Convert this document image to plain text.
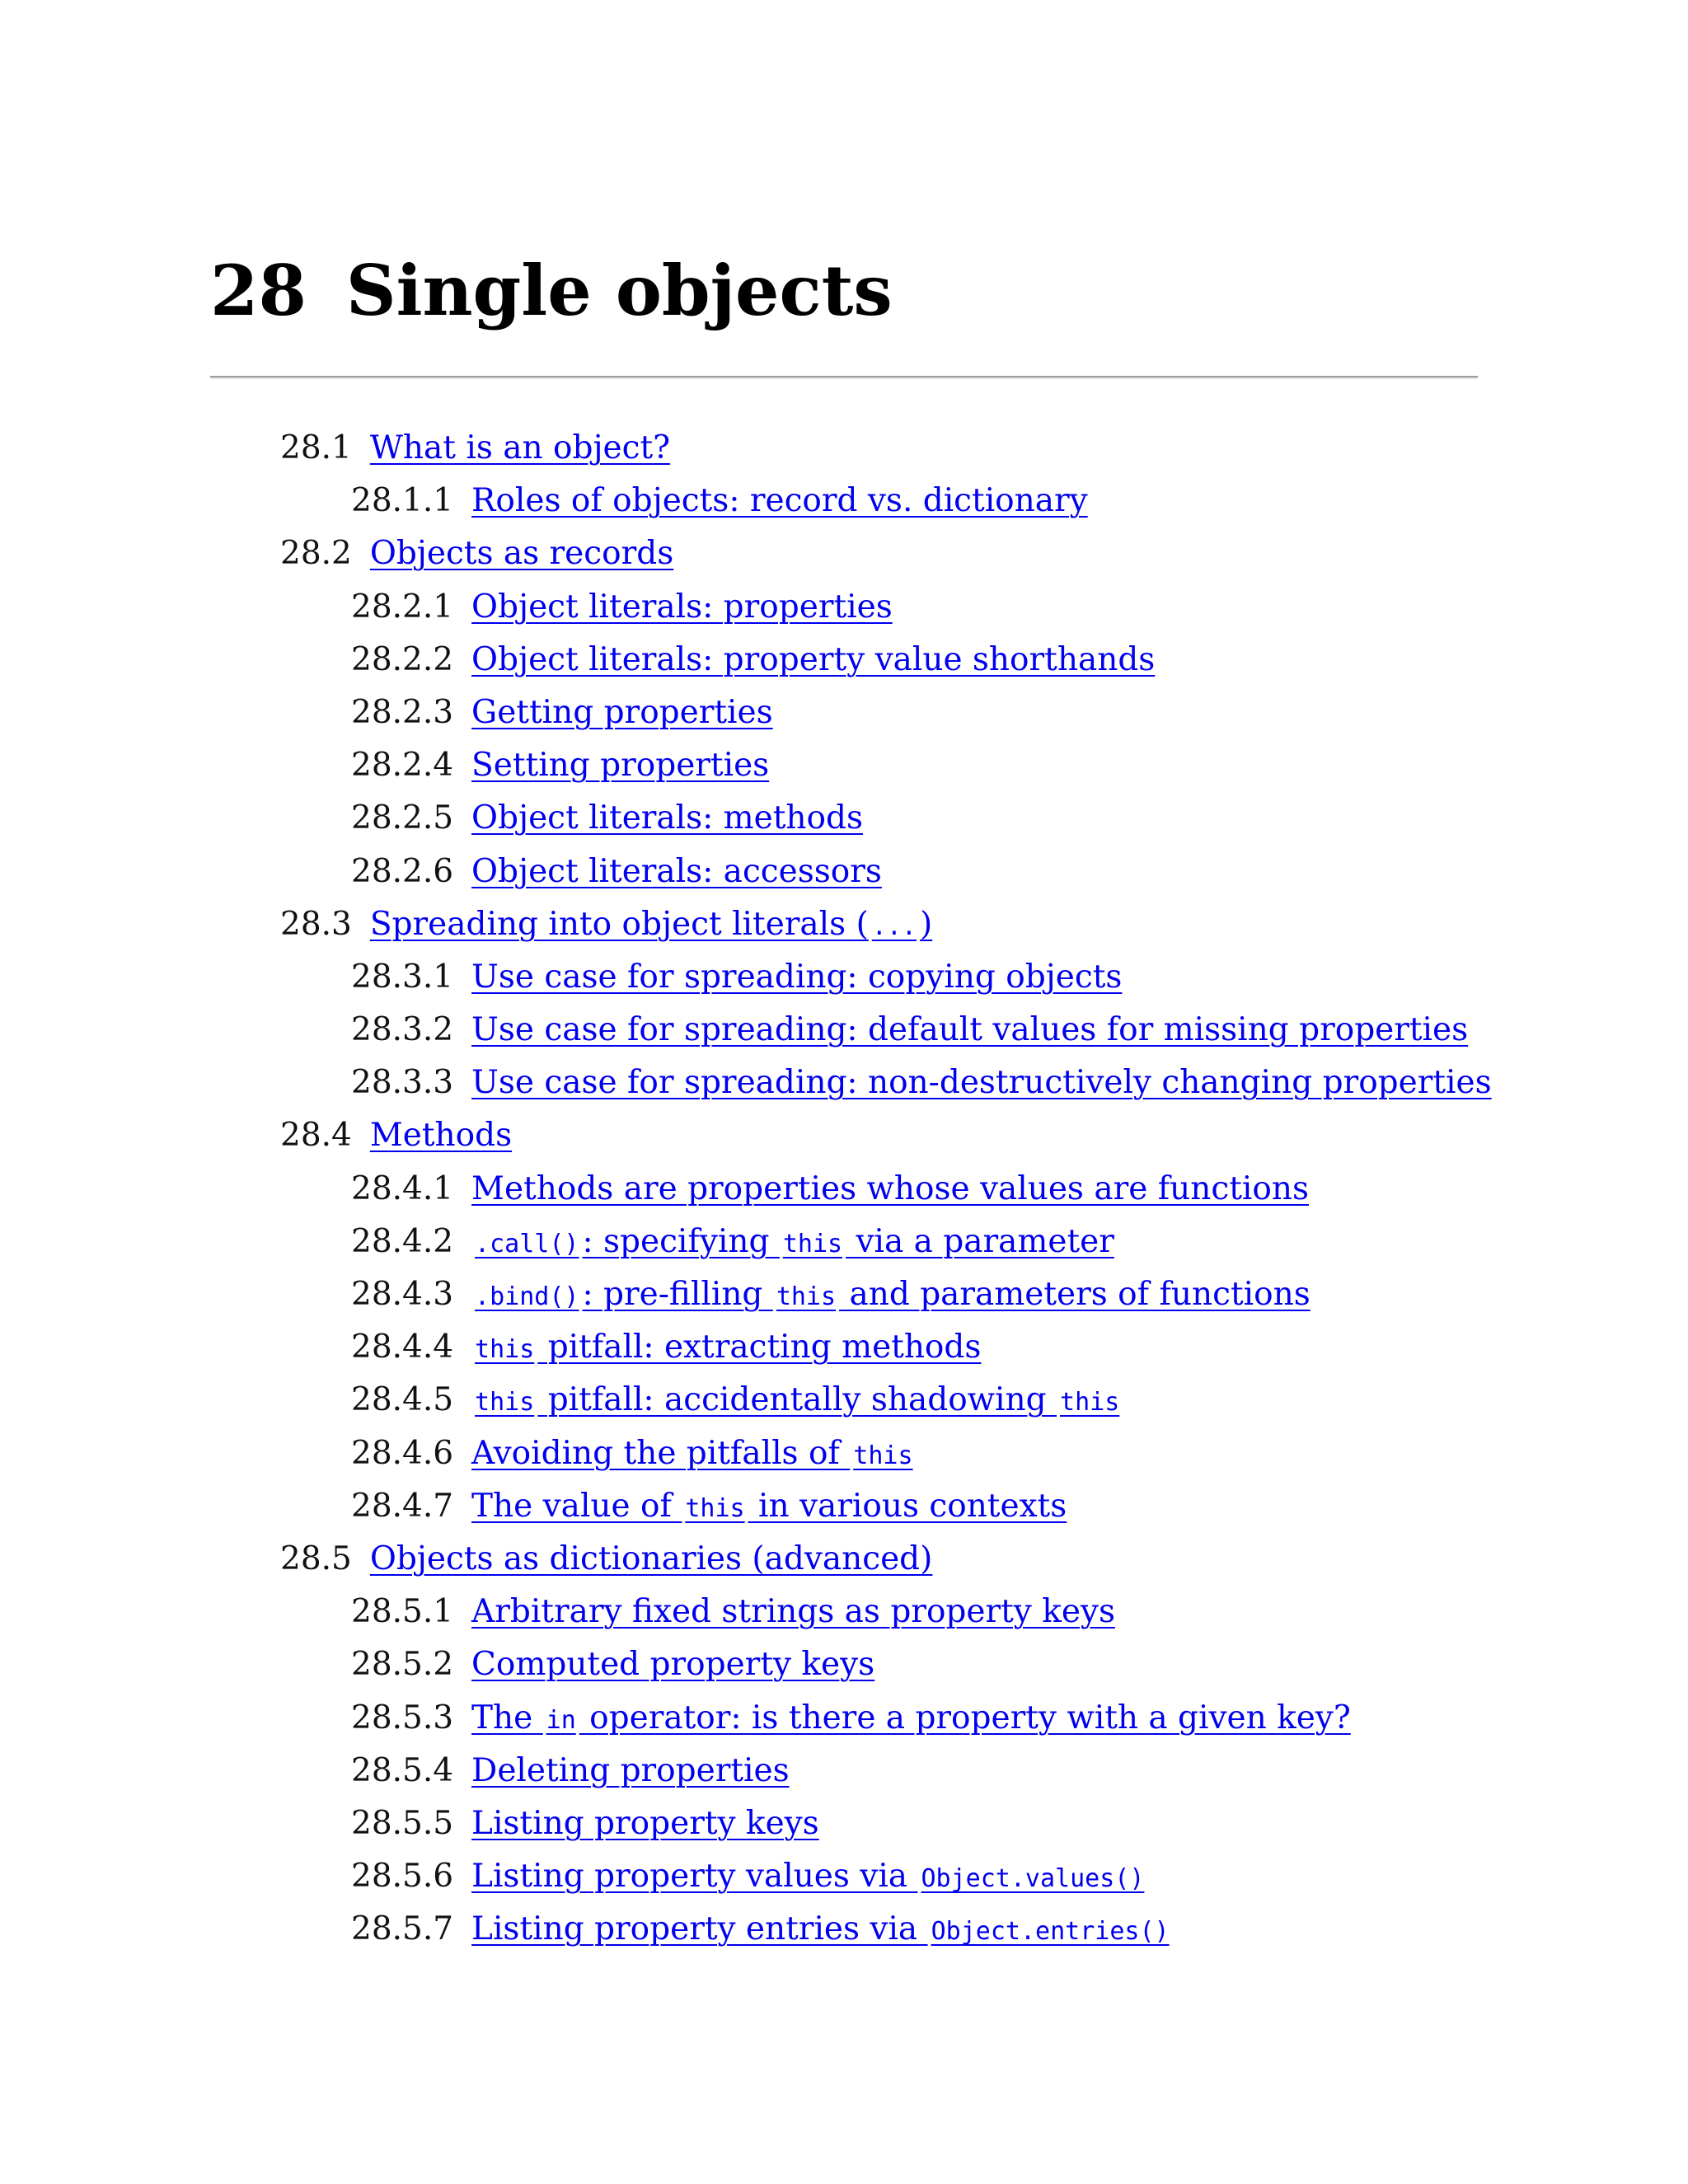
28 Single objects
28.1 What is an object?
28.1.1 Roles of objects: record vs. dictionary
28.2 Objects as records
28.2.1 Object literals: properties
28.2.2 Object literals: property value shorthands
28.2.3 Getting properties
28.2.4 Setting properties
28.2.5 Object literals: methods
28.2.6 Object literals: accessors
28.3 Spreading into object literals ( ... )
28.3.1 Use case for spreading: copying objects
28.3.2 Use case for spreading: default values for missing properties
28.3.3 Use case for spreading: non-destructively changing properties
28.4 Methods
28.4.1 Methods are properties whose values are functions
28.4.2 .call() : specifying this via a parameter
28.4.3 .bind() : pre-filling this and parameters of functions
28.4.4 this pitfall: extracting methods
28.4.5 this pitfall: accidentally shadowing this
28.4.6 Avoiding the pitfalls of this
28.4.7 The value of this in various contexts
28.5 Objects as dictionaries (advanced)
28.5.1 Arbitrary fixed strings as property keys
28.5.2 Computed property keys
28.5.3 The in operator: is there a property with a given key?
28.5.4 Deleting properties
28.5.5 Listing property keys
28.5.6 Listing property values via Object.values()
28.5.7 Listing property entries via Object.entries()
